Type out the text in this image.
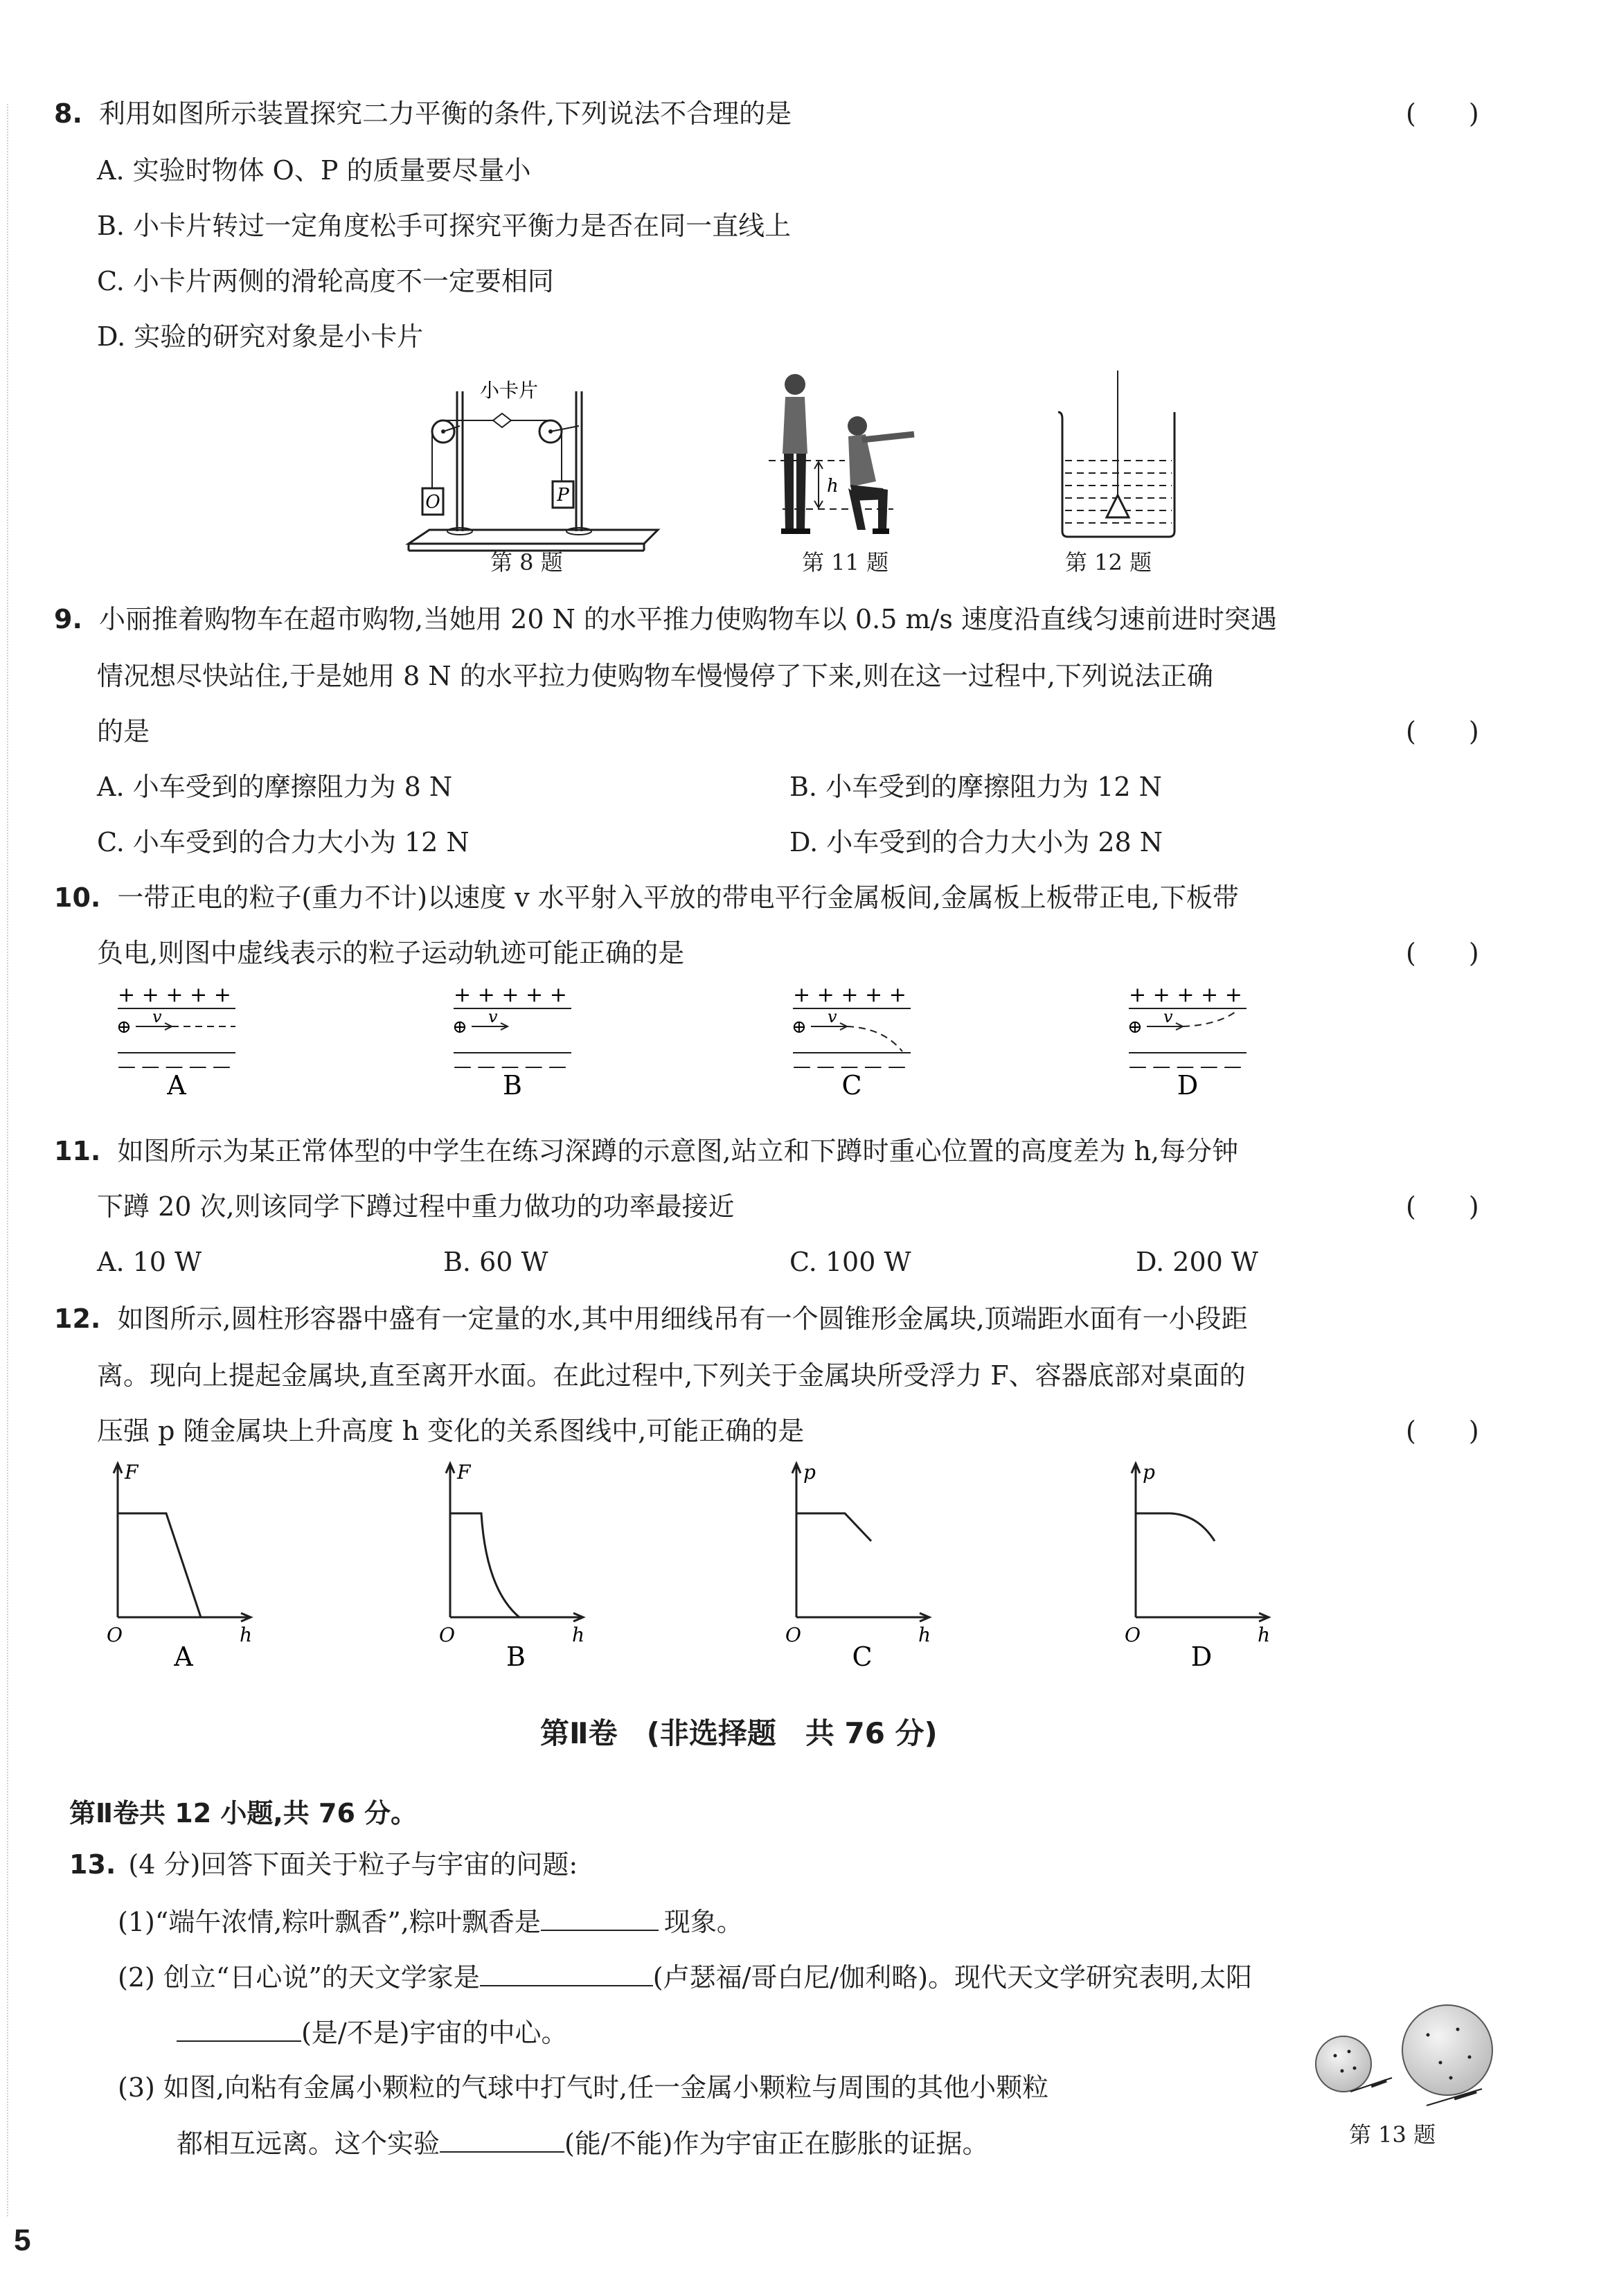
8. 利用如图所示装置探究二力平衡的条件,下列说法不合理的是	(　　)
A. 实验时物体 O、P 的质量要尽量小
B. 小卡片转过一定角度松手可探究平衡力是否在同一直线上
C. 小卡片两侧的滑轮高度不一定要相同
D. 实验的研究对象是小卡片
O	P
小卡片
第 8 题
h
第 11 题	第 12 题
9. 小丽推着购物车在超市购物,当她用 20 N 的水平推力使购物车以 0.5 m/s 速度沿直线匀速前进时突遇
情况想尽快站住,于是她用 8 N 的水平拉力使购物车慢慢停了下来,则在这一过程中,下列说法正确
的是	(　　)
A. 小车受到的摩擦阻力为 8 N	B. 小车受到的摩擦阻力为 12 N
C. 小车受到的合力大小为 12 N	D. 小车受到的合力大小为 28 N
10. 一带正电的粒子(重力不计)以速度 v 水平射入平放的带电平行金属板间,金属板上板带正电,下板带
负电,则图中虚线表示的粒子运动轨迹可能正确的是	(　　)
+ + + + +
⊕ v
— — — — —
A
+ + + + +
⊕ v
— — — — —
B
+ + + + +
⊕ v
— — — — —
C
+ + + + +
⊕ v
— — — — —
D
11. 如图所示为某正常体型的中学生在练习深蹲的示意图,站立和下蹲时重心位置的高度差为 h,每分钟
下蹲 20 次,则该同学下蹲过程中重力做功的功率最接近	(　　)
A. 10 W	B. 60 W	C. 100 W	D. 200 W
12. 如图所示,圆柱形容器中盛有一定量的水,其中用细线吊有一个圆锥形金属块,顶端距水面有一小段距
离。现向上提起金属块,直至离开水面。在此过程中,下列关于金属块所受浮力 F、容器底部对桌面的
压强 p 随金属块上升高度 h 变化的关系图线中,可能正确的是	(　　)
F
O	h
A
F
O	h
B
p
O	h
C
p
O	h
D
第Ⅱ卷　(非选择题　共 76 分)
第Ⅱ卷共 12 小题,共 76 分。
13. (4 分)回答下面关于粒子与宇宙的问题:
(1)“端午浓情,粽叶飘香”,粽叶飘香是	现象。
(2) 创立“日心说”的天文学家是	(卢瑟福/哥白尼/伽利略)。现代天文学研究表明,太阳
(是/不是)宇宙的中心。
(3) 如图,向粘有金属小颗粒的气球中打气时,任一金属小颗粒与周围的其他小颗粒
都相互远离。这个实验	(能/不能)作为宇宙正在膨胀的证据。	第 13 题
5
